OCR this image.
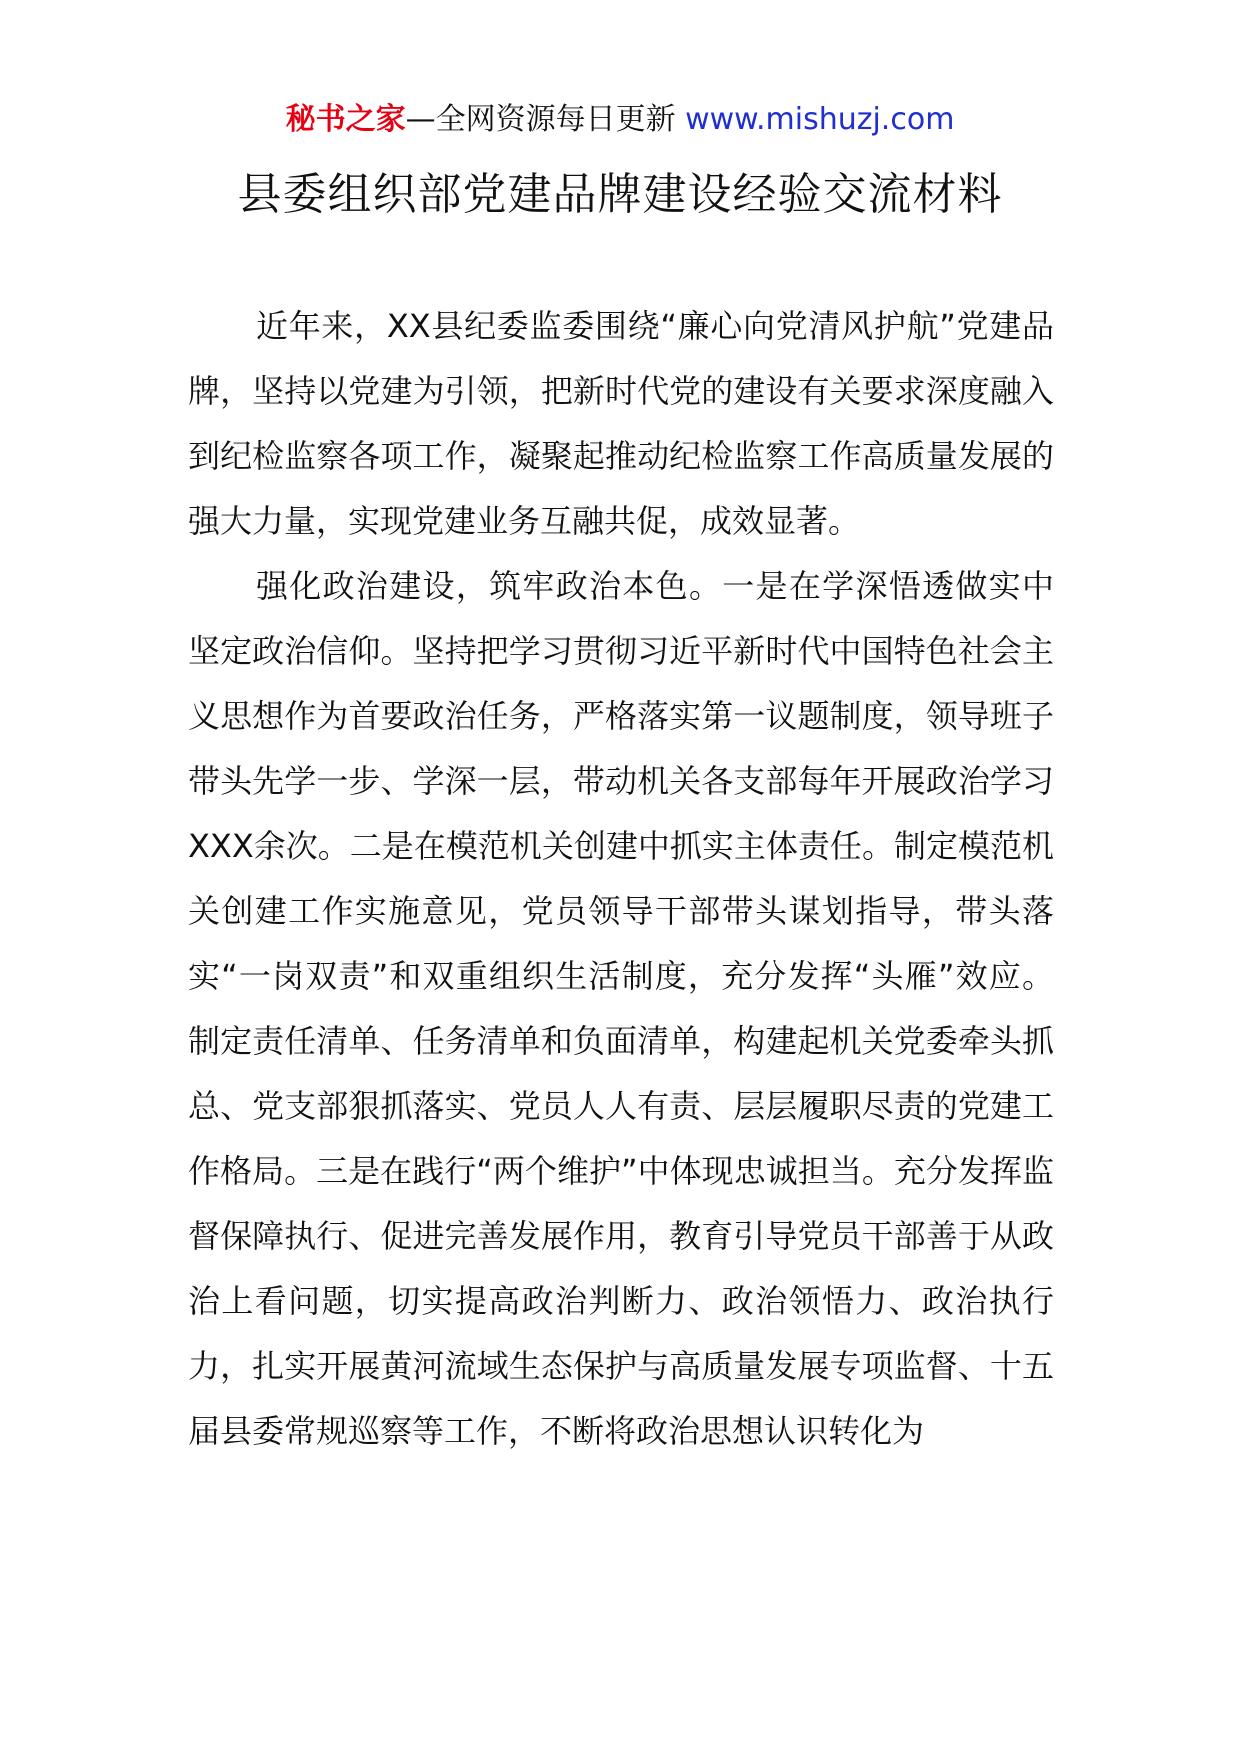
秘书之家—全网资源每日更新 www.mishuzj.com
县委组织部党建品牌建设经验交流材料

近年来，XX县纪委监委围绕“廉心向党清风护航”党建品牌，坚持以党建为引领，把新时代党的建设有关要求深度融入到纪检监察各项工作，凝聚起推动纪检监察工作高质量发展的强大力量，实现党建业务互融共促，成效显著。

强化政治建设，筑牢政治本色。一是在学深悟透做实中坚定政治信仰。坚持把学习贯彻习近平新时代中国特色社会主义思想作为首要政治任务，严格落实第一议题制度，领导班子带头先学一步、学深一层，带动机关各支部每年开展政治学习XXX余次。二是在模范机关创建中抓实主体责任。制定模范机关创建工作实施意见，党员领导干部带头谋划指导，带头落实“一岗双责”和双重组织生活制度，充分发挥“头雁”效应。制定责任清单、任务清单和负面清单，构建起机关党委牵头抓总、党支部狠抓落实、党员人人有责、层层履职尽责的党建工作格局。三是在践行“两个维护”中体现忠诚担当。充分发挥监督保障执行、促进完善发展作用，教育引导党员干部善于从政治上看问题，切实提高政治判断力、政治领悟力、政治执行力，扎实开展黄河流域生态保护与高质量发展专项监督、十五届县委常规巡察等工作，不断将政治思想认识转化为
